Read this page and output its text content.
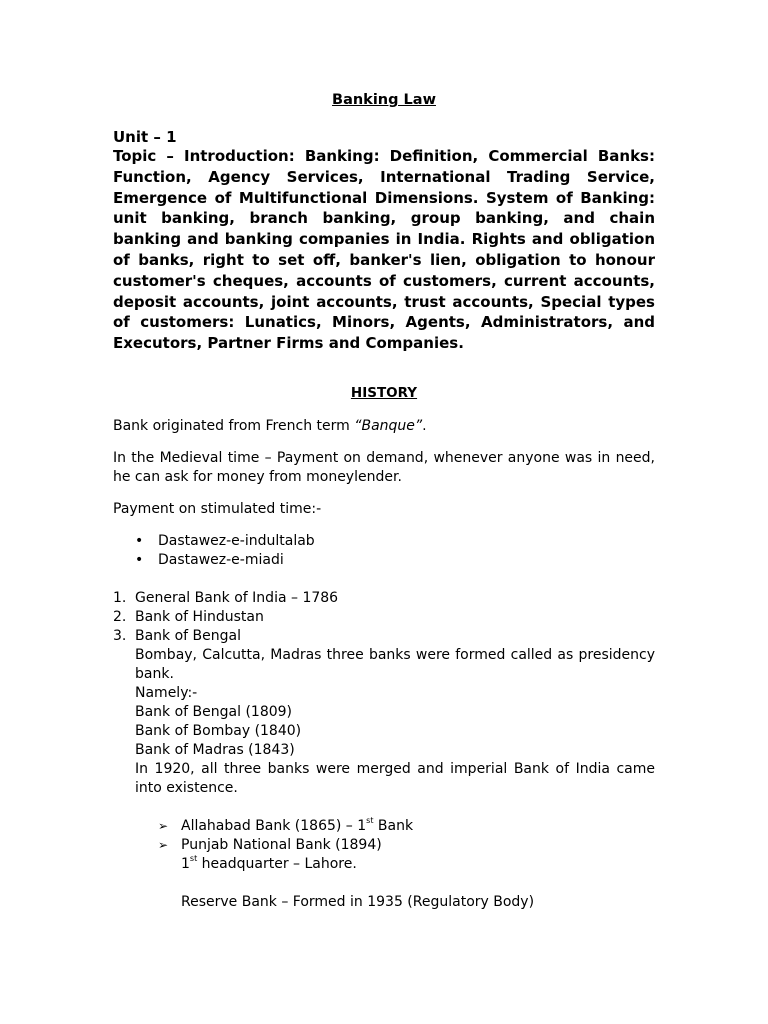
Banking Law
Unit – 1
Topic – Introduction: Banking: Definition, Commercial Banks: Function, Agency Services, International Trading Service, Emergence of Multifunctional Dimensions. System of Banking: unit banking, branch banking, group banking, and chain banking and banking companies in India. Rights and obligation of banks, right to set off, banker's lien, obligation to honour customer's cheques, accounts of customers, current accounts, deposit accounts, joint accounts, trust accounts, Special types of customers: Lunatics, Minors, Agents, Administrators, and Executors, Partner Firms and Companies.
HISTORY
Bank originated from French term “Banque”.
In the Medieval time – Payment on demand, whenever anyone was in need, he can ask for money from moneylender.
Payment on stimulated time:-
• Dastawez-e-indultalab
• Dastawez-e-miadi
1. General Bank of India – 1786
2. Bank of Hindustan
3. Bank of Bengal
Bombay, Calcutta, Madras three banks were formed called as presidency bank.
Namely:-
Bank of Bengal (1809)
Bank of Bombay (1840)
Bank of Madras (1843)
In 1920, all three banks were merged and imperial Bank of India came into existence.
➢ Allahabad Bank (1865) – 1st Bank
➢ Punjab National Bank (1894)
1st headquarter – Lahore.
Reserve Bank – Formed in 1935 (Regulatory Body)
